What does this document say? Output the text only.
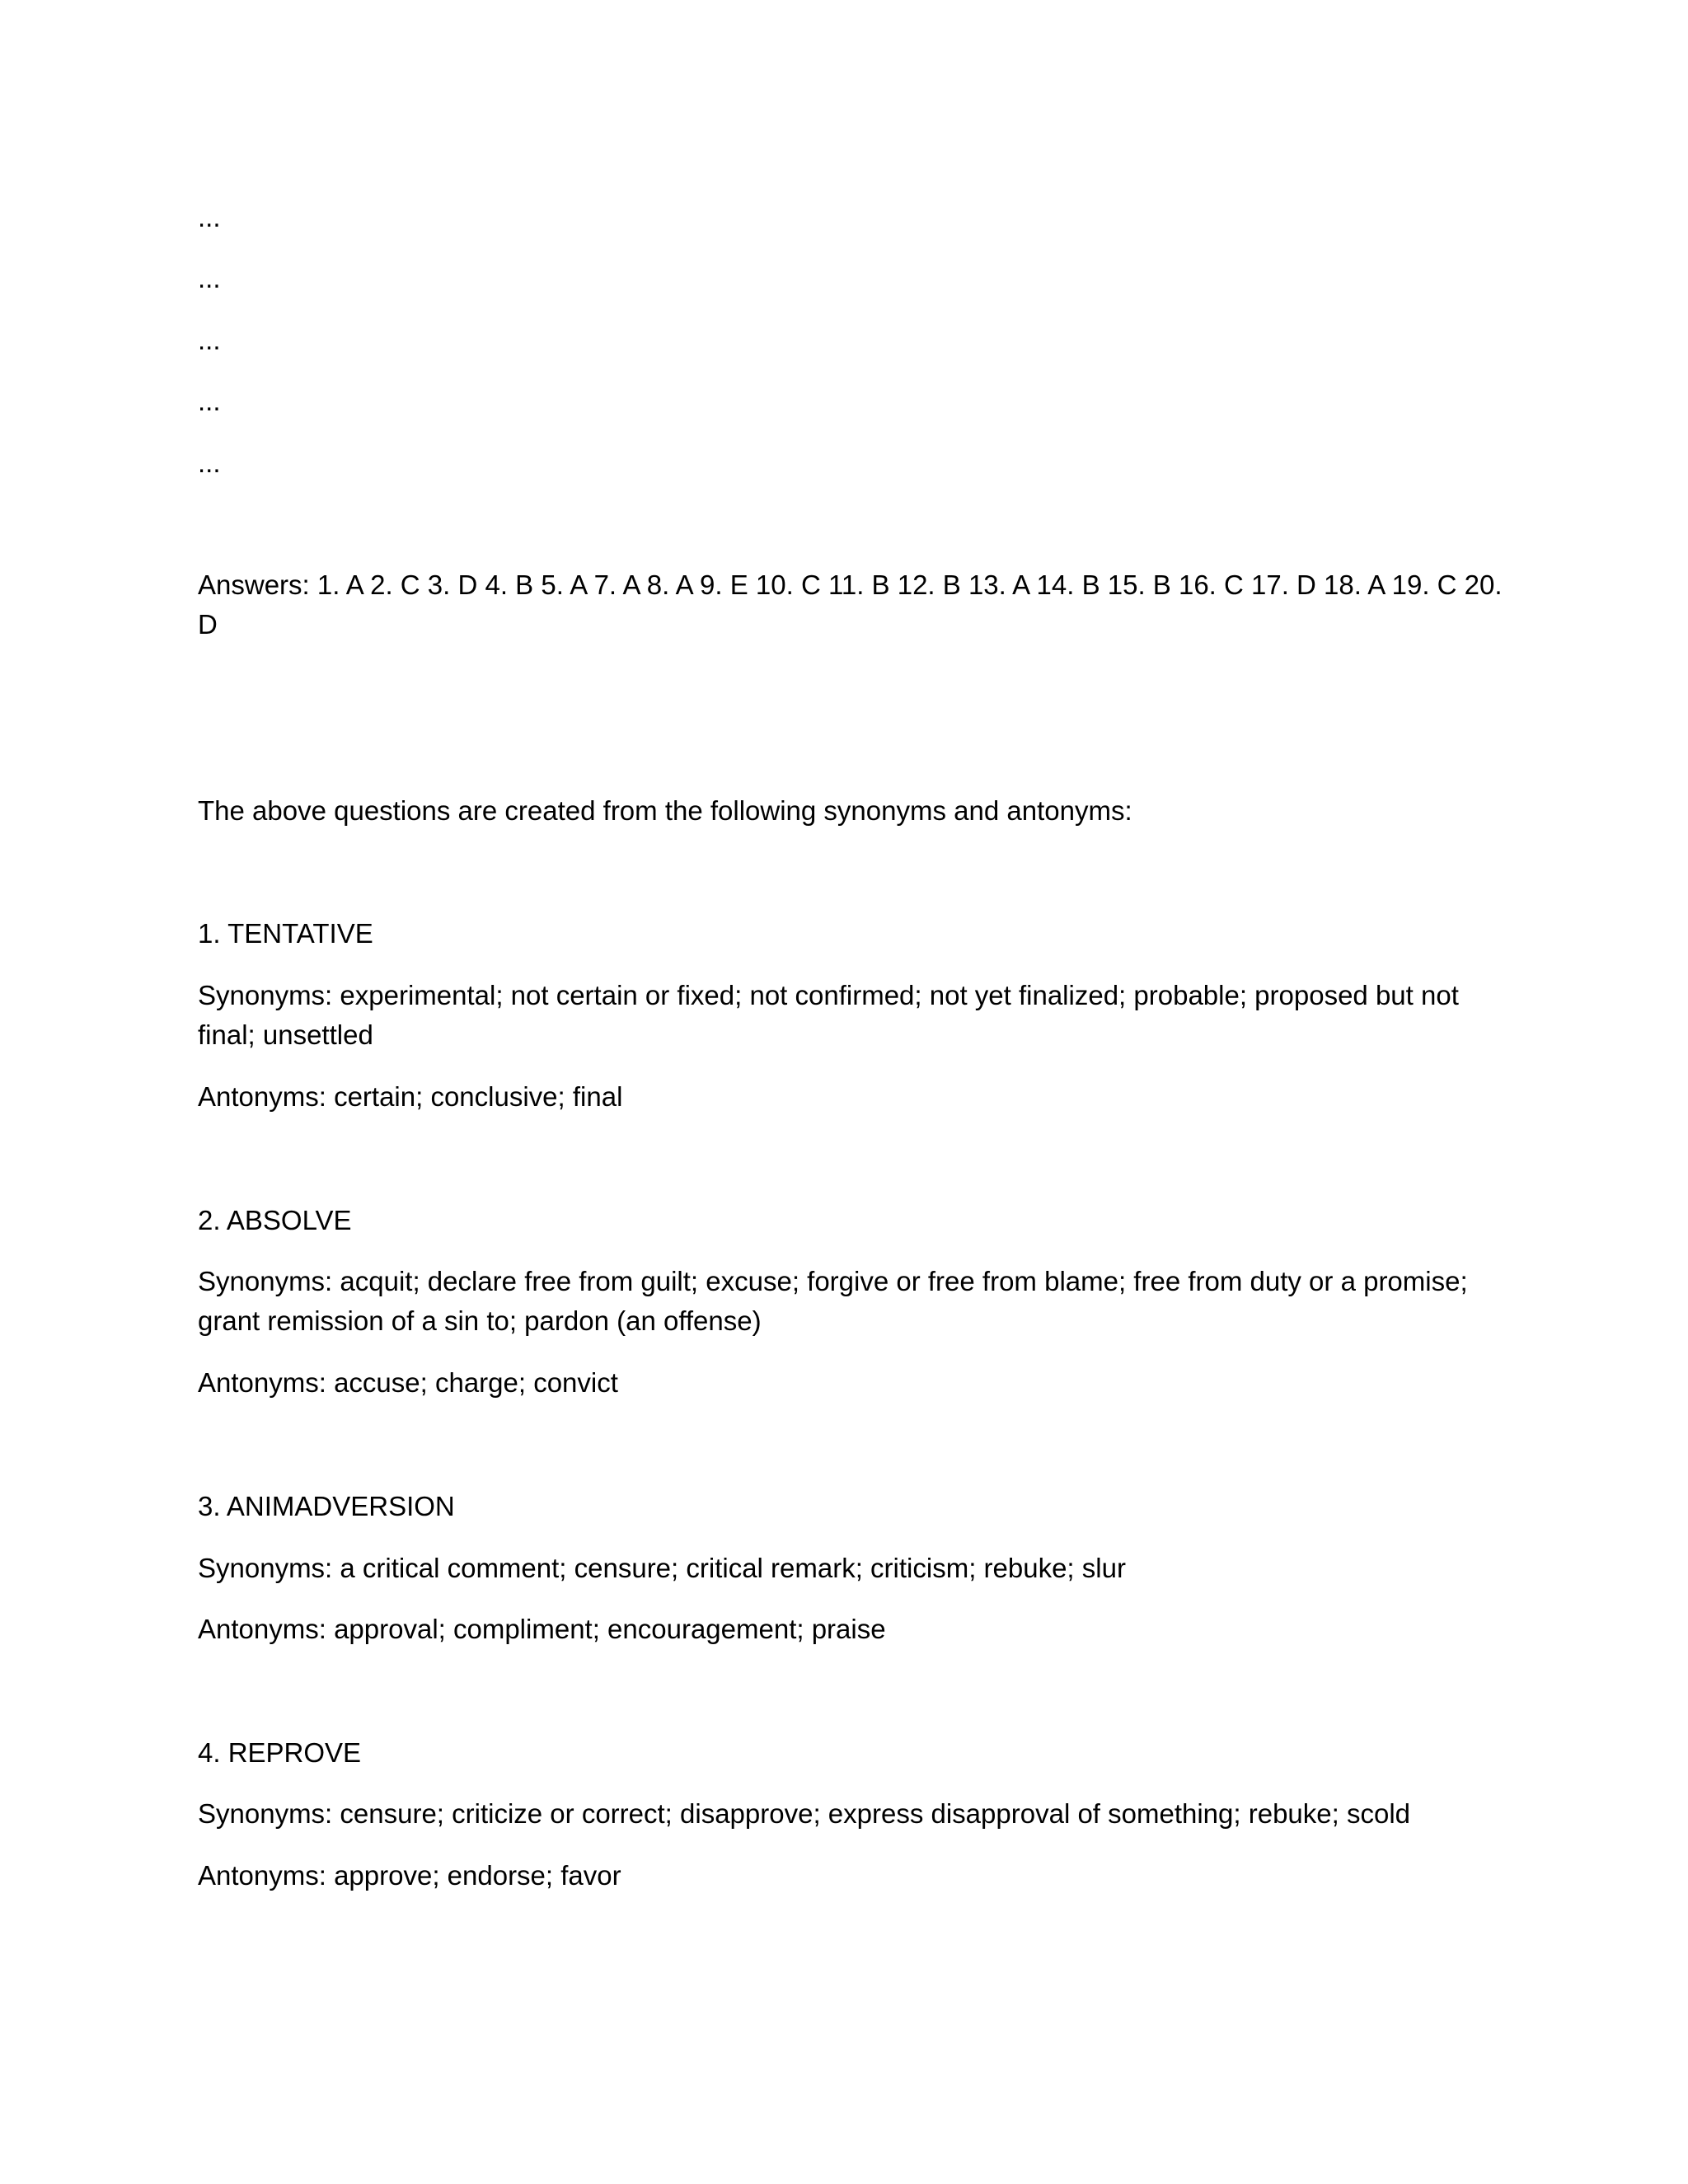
...
...
...
...
...
Answers: 1. A 2. C 3. D 4. B 5. A 7. A 8. A 9. E 10. C 11. B 12. B 13. A 14. B 15. B 16. C 17. D 18. A 19. C 20.
D
The above questions are created from the following synonyms and antonyms:
1. TENTATIVE
Synonyms: experimental; not certain or fixed; not confirmed; not yet finalized; probable; proposed but not final; unsettled
Antonyms: certain; conclusive; final
2. ABSOLVE
Synonyms: acquit; declare free from guilt; excuse; forgive or free from blame; free from duty or a promise; grant remission of a sin to; pardon (an offense)
Antonyms: accuse; charge; convict
3. ANIMADVERSION
Synonyms: a critical comment; censure; critical remark; criticism; rebuke; slur
Antonyms: approval; compliment; encouragement; praise
4. REPROVE
Synonyms: censure; criticize or correct; disapprove; express disapproval of something; rebuke; scold
Antonyms: approve; endorse; favor
